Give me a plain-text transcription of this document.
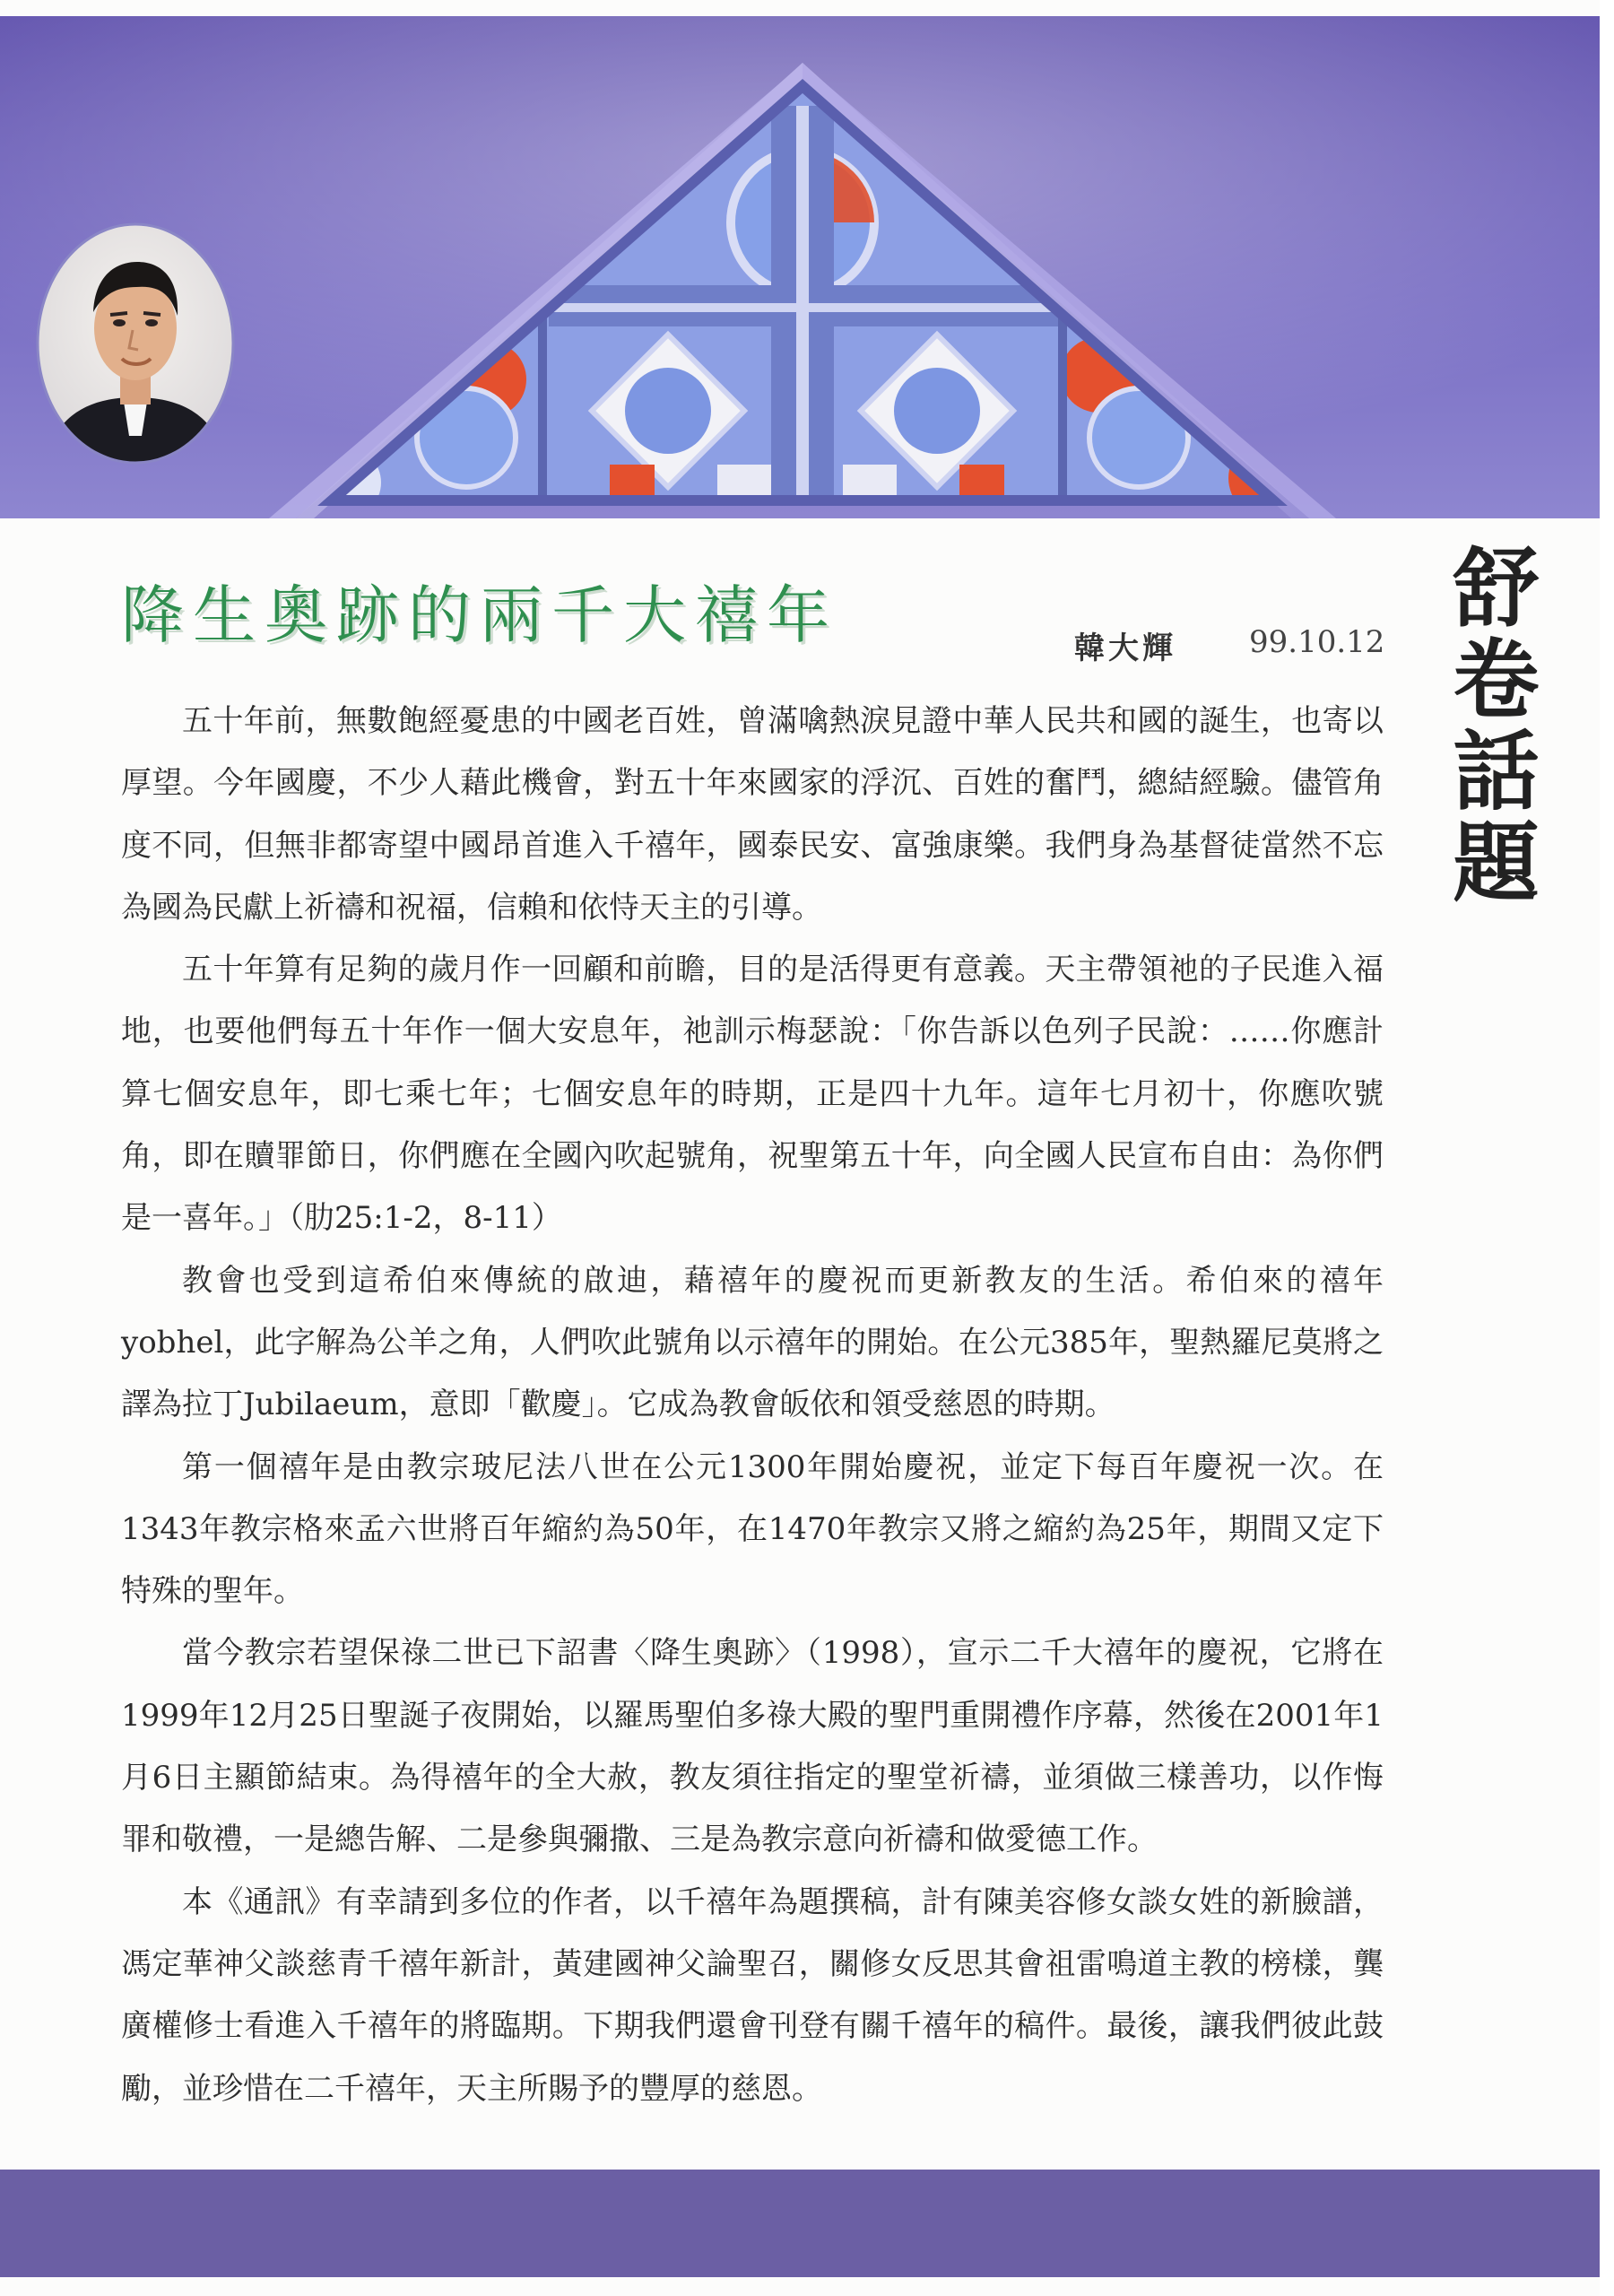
降生奧跡的兩千大禧年	韓大輝 99.10.12 舒卷話題

五十年前，無數飽經憂患的中國老百姓，曾滿噙熱淚見證中華人民共和國的誕生，也寄以厚望。今年國慶，不少人藉此機會，對五十年來國家的浮沉、百姓的奮鬥，總結經驗。儘管角度不同，但無非都寄望中國昂首進入千禧年，國泰民安、富強康樂。我們身為基督徒當然不忘為國為民獻上祈禱和祝福，信賴和依恃天主的引導。

五十年算有足夠的歲月作一回顧和前瞻，目的是活得更有意義。天主帶領祂的子民進入福地，也要他們每五十年作一個大安息年，祂訓示梅瑟說：「你告訴以色列子民說：……你應計算七個安息年，即七乘七年；七個安息年的時期，正是四十九年。這年七月初十，你應吹號角，即在贖罪節日，你們應在全國內吹起號角，祝聖第五十年，向全國人民宣布自由：為你們是一喜年。」（肋25:1-2，8-11）

教會也受到這希伯來傳統的啟迪，藉禧年的慶祝而更新教友的生活。希伯來的禧年yobhel，此字解為公羊之角，人們吹此號角以示禧年的開始。在公元385年，聖熱羅尼莫將之譯為拉丁Jubilaeum，意即「歡慶」。它成為教會皈依和領受慈恩的時期。

第一個禧年是由教宗玻尼法八世在公元1300年開始慶祝，並定下每百年慶祝一次。在1343年教宗格來孟六世將百年縮約為50年，在1470年教宗又將之縮約為25年，期間又定下特殊的聖年。

當今教宗若望保祿二世已下詔書〈降生奧跡〉（1998），宣示二千大禧年的慶祝，它將在1999年12月25日聖誕子夜開始，以羅馬聖伯多祿大殿的聖門重開禮作序幕，然後在2001年1月6日主顯節結束。為得禧年的全大赦，教友須往指定的聖堂祈禱，並須做三樣善功，以作悔罪和敬禮，一是總告解、二是參與彌撒、三是為教宗意向祈禱和做愛德工作。

本《通訊》有幸請到多位的作者，以千禧年為題撰稿，計有陳美容修女談女姓的新臉譜，馮定華神父談慈青千禧年新計，黃建國神父論聖召，關修女反思其會祖雷鳴道主教的榜樣，龔廣權修士看進入千禧年的將臨期。下期我們還會刊登有關千禧年的稿件。最後，讓我們彼此鼓勵，並珍惜在二千禧年，天主所賜予的豐厚的慈恩。
